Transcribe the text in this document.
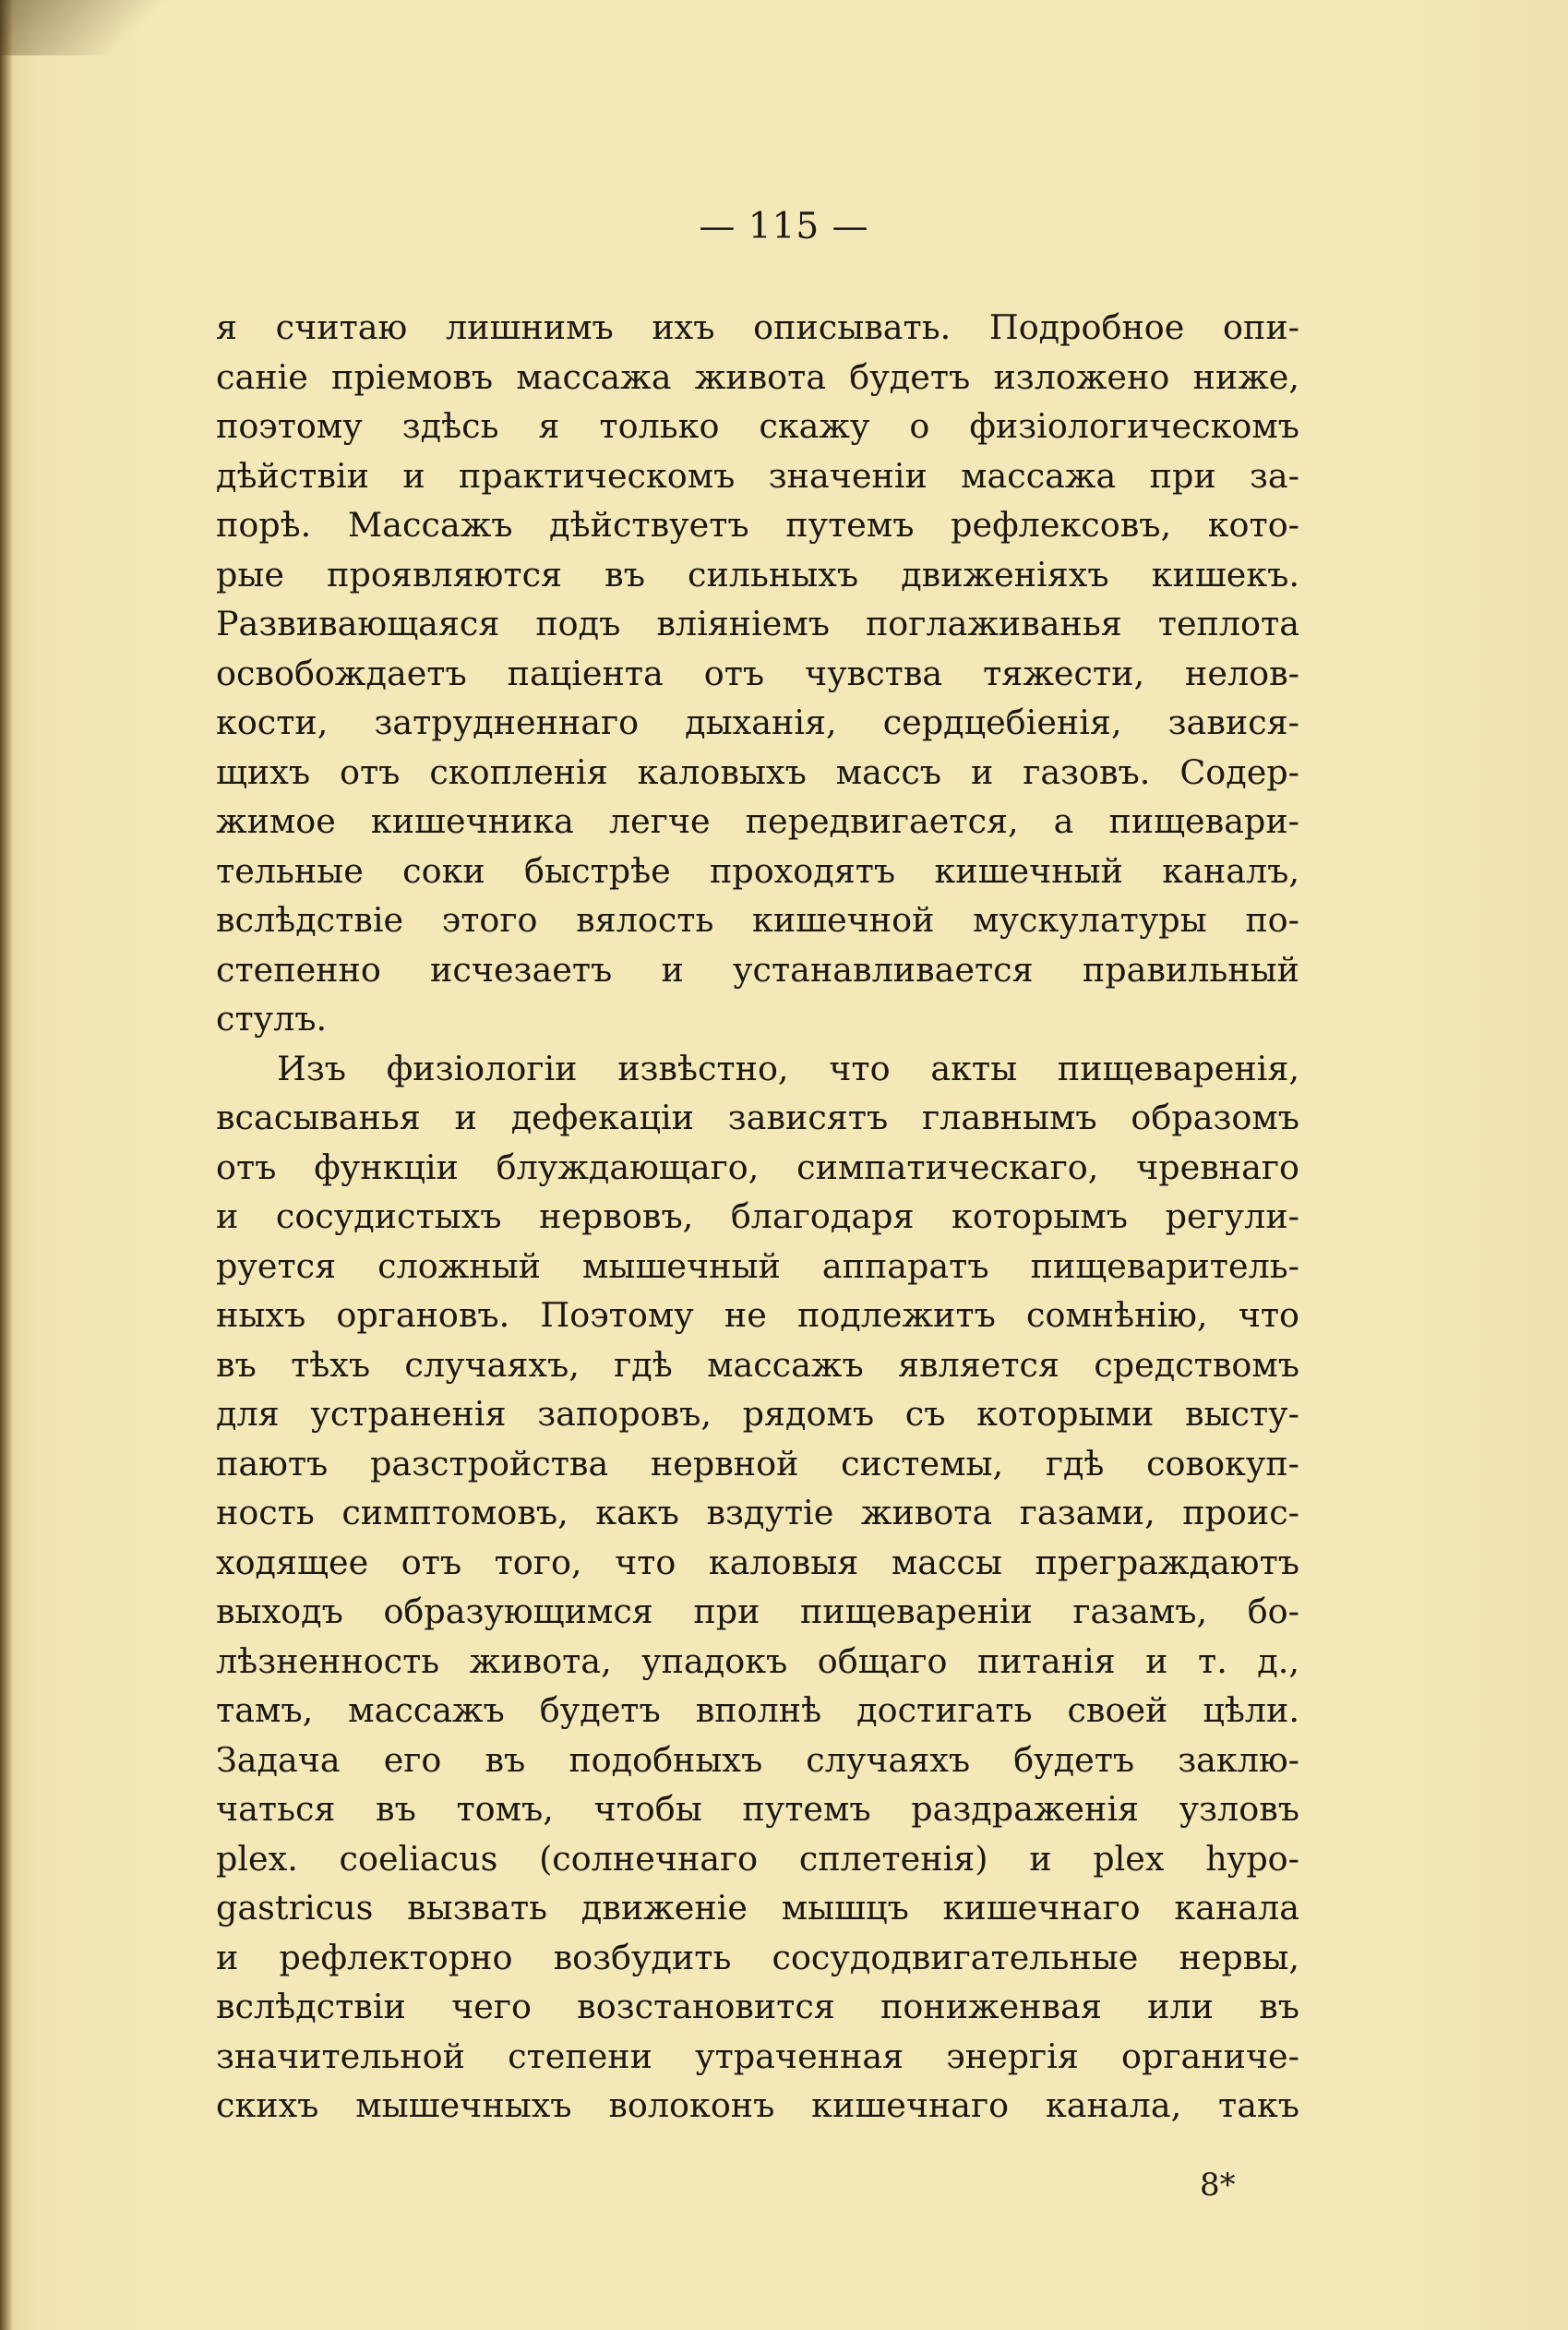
— 115 —
я считаю лишнимъ ихъ описывать. Подробное опи-
саніе пріемовъ массажа живота будетъ изложено ниже,
поэтому здѣсь я только скажу о физіологическомъ
дѣйствіи и практическомъ значеніи массажа при за-
порѣ. Массажъ дѣйствуетъ путемъ рефлексовъ, кото-
рые проявляются въ сильныхъ движеніяхъ кишекъ.
Развивающаяся подъ вліяніемъ поглаживанья теплота
освобождаетъ паціента отъ чувства тяжести, нелов-
кости, затрудненнаго дыханія, сердцебіенія, завися-
щихъ отъ скопленія каловыхъ массъ и газовъ. Содер-
жимое кишечника легче передвигается, а пищевари-
тельные соки быстрѣе проходятъ кишечный каналъ,
вслѣдствіе этого вялость кишечной мускулатуры по-
степенно исчезаетъ и устанавливается правильный
стулъ.
Изъ физіологіи извѣстно, что акты пищеваренія,
всасыванья и дефекаціи зависятъ главнымъ образомъ
отъ функціи блуждающаго, симпатическаго, чревнаго
и сосудистыхъ нервовъ, благодаря которымъ регули-
руется сложный мышечный аппаратъ пищеваритель-
ныхъ органовъ. Поэтому не подлежитъ сомнѣнію, что
въ тѣхъ случаяхъ, гдѣ массажъ является средствомъ
для устраненія запоровъ, рядомъ съ которыми высту-
паютъ разстройства нервной системы, гдѣ совокуп-
ность симптомовъ, какъ вздутіе живота газами, проис-
ходящее отъ того, что каловыя массы преграждаютъ
выходъ образующимся при пищевареніи газамъ, бо-
лѣзненность живота, упадокъ общаго питанія и т. д.,
тамъ, массажъ будетъ вполнѣ достигать своей цѣли.
Задача его въ подобныхъ случаяхъ будетъ заклю-
чаться въ томъ, чтобы путемъ раздраженія узловъ
plex. coeliacus (солнечнаго сплетенія) и plex hypo-
gastricus вызвать движеніе мышцъ кишечнаго канала
и рефлекторно возбудить сосудодвигательные нервы,
вслѣдствіи чего возстановится пониженвая или въ
значительной степени утраченная энергія органиче-
скихъ мышечныхъ волоконъ кишечнаго канала, такъ
8*
